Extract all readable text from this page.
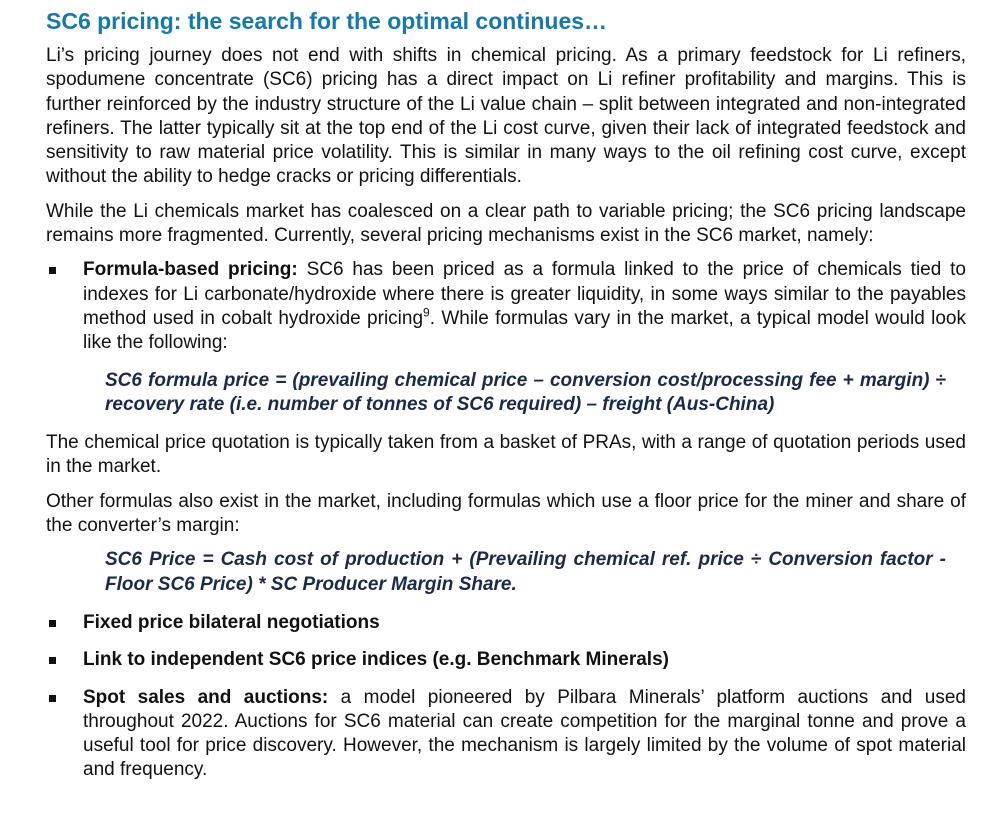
SC6 pricing: the search for the optimal continues…

Li’s pricing journey does not end with shifts in chemical pricing. As a primary feedstock for Li refiners, spodumene concentrate (SC6) pricing has a direct impact on Li refiner profitability and margins. This is further reinforced by the industry structure of the Li value chain – split between integrated and non-integrated refiners. The latter typically sit at the top end of the Li cost curve, given their lack of integrated feedstock and sensitivity to raw material price volatility. This is similar in many ways to the oil refining cost curve, except without the ability to hedge cracks or pricing differentials.

While the Li chemicals market has coalesced on a clear path to variable pricing; the SC6 pricing landscape remains more fragmented. Currently, several pricing mechanisms exist in the SC6 market, namely:

Formula-based pricing: SC6 has been priced as a formula linked to the price of chemicals tied to indexes for Li carbonate/hydroxide where there is greater liquidity, in some ways similar to the payables method used in cobalt hydroxide pricing$^9$. While formulas vary in the market, a typical model would look like the following:

SC6 formula price = (prevailing chemical price – conversion cost/processing fee + margin) ÷ recovery rate (i.e. number of tonnes of SC6 required) – freight (Aus-China)

The chemical price quotation is typically taken from a basket of PRAs, with a range of quotation periods used in the market.

Other formulas also exist in the market, including formulas which use a floor price for the miner and share of the converter’s margin:

SC6 Price = Cash cost of production + (Prevailing chemical ref. price ÷ Conversion factor - Floor SC6 Price) * SC Producer Margin Share.

Fixed price bilateral negotiations

Link to independent SC6 price indices (e.g. Benchmark Minerals)

Spot sales and auctions: a model pioneered by Pilbara Minerals’ platform auctions and used throughout 2022. Auctions for SC6 material can create competition for the marginal tonne and prove a useful tool for price discovery. However, the mechanism is largely limited by the volume of spot material and frequency.
